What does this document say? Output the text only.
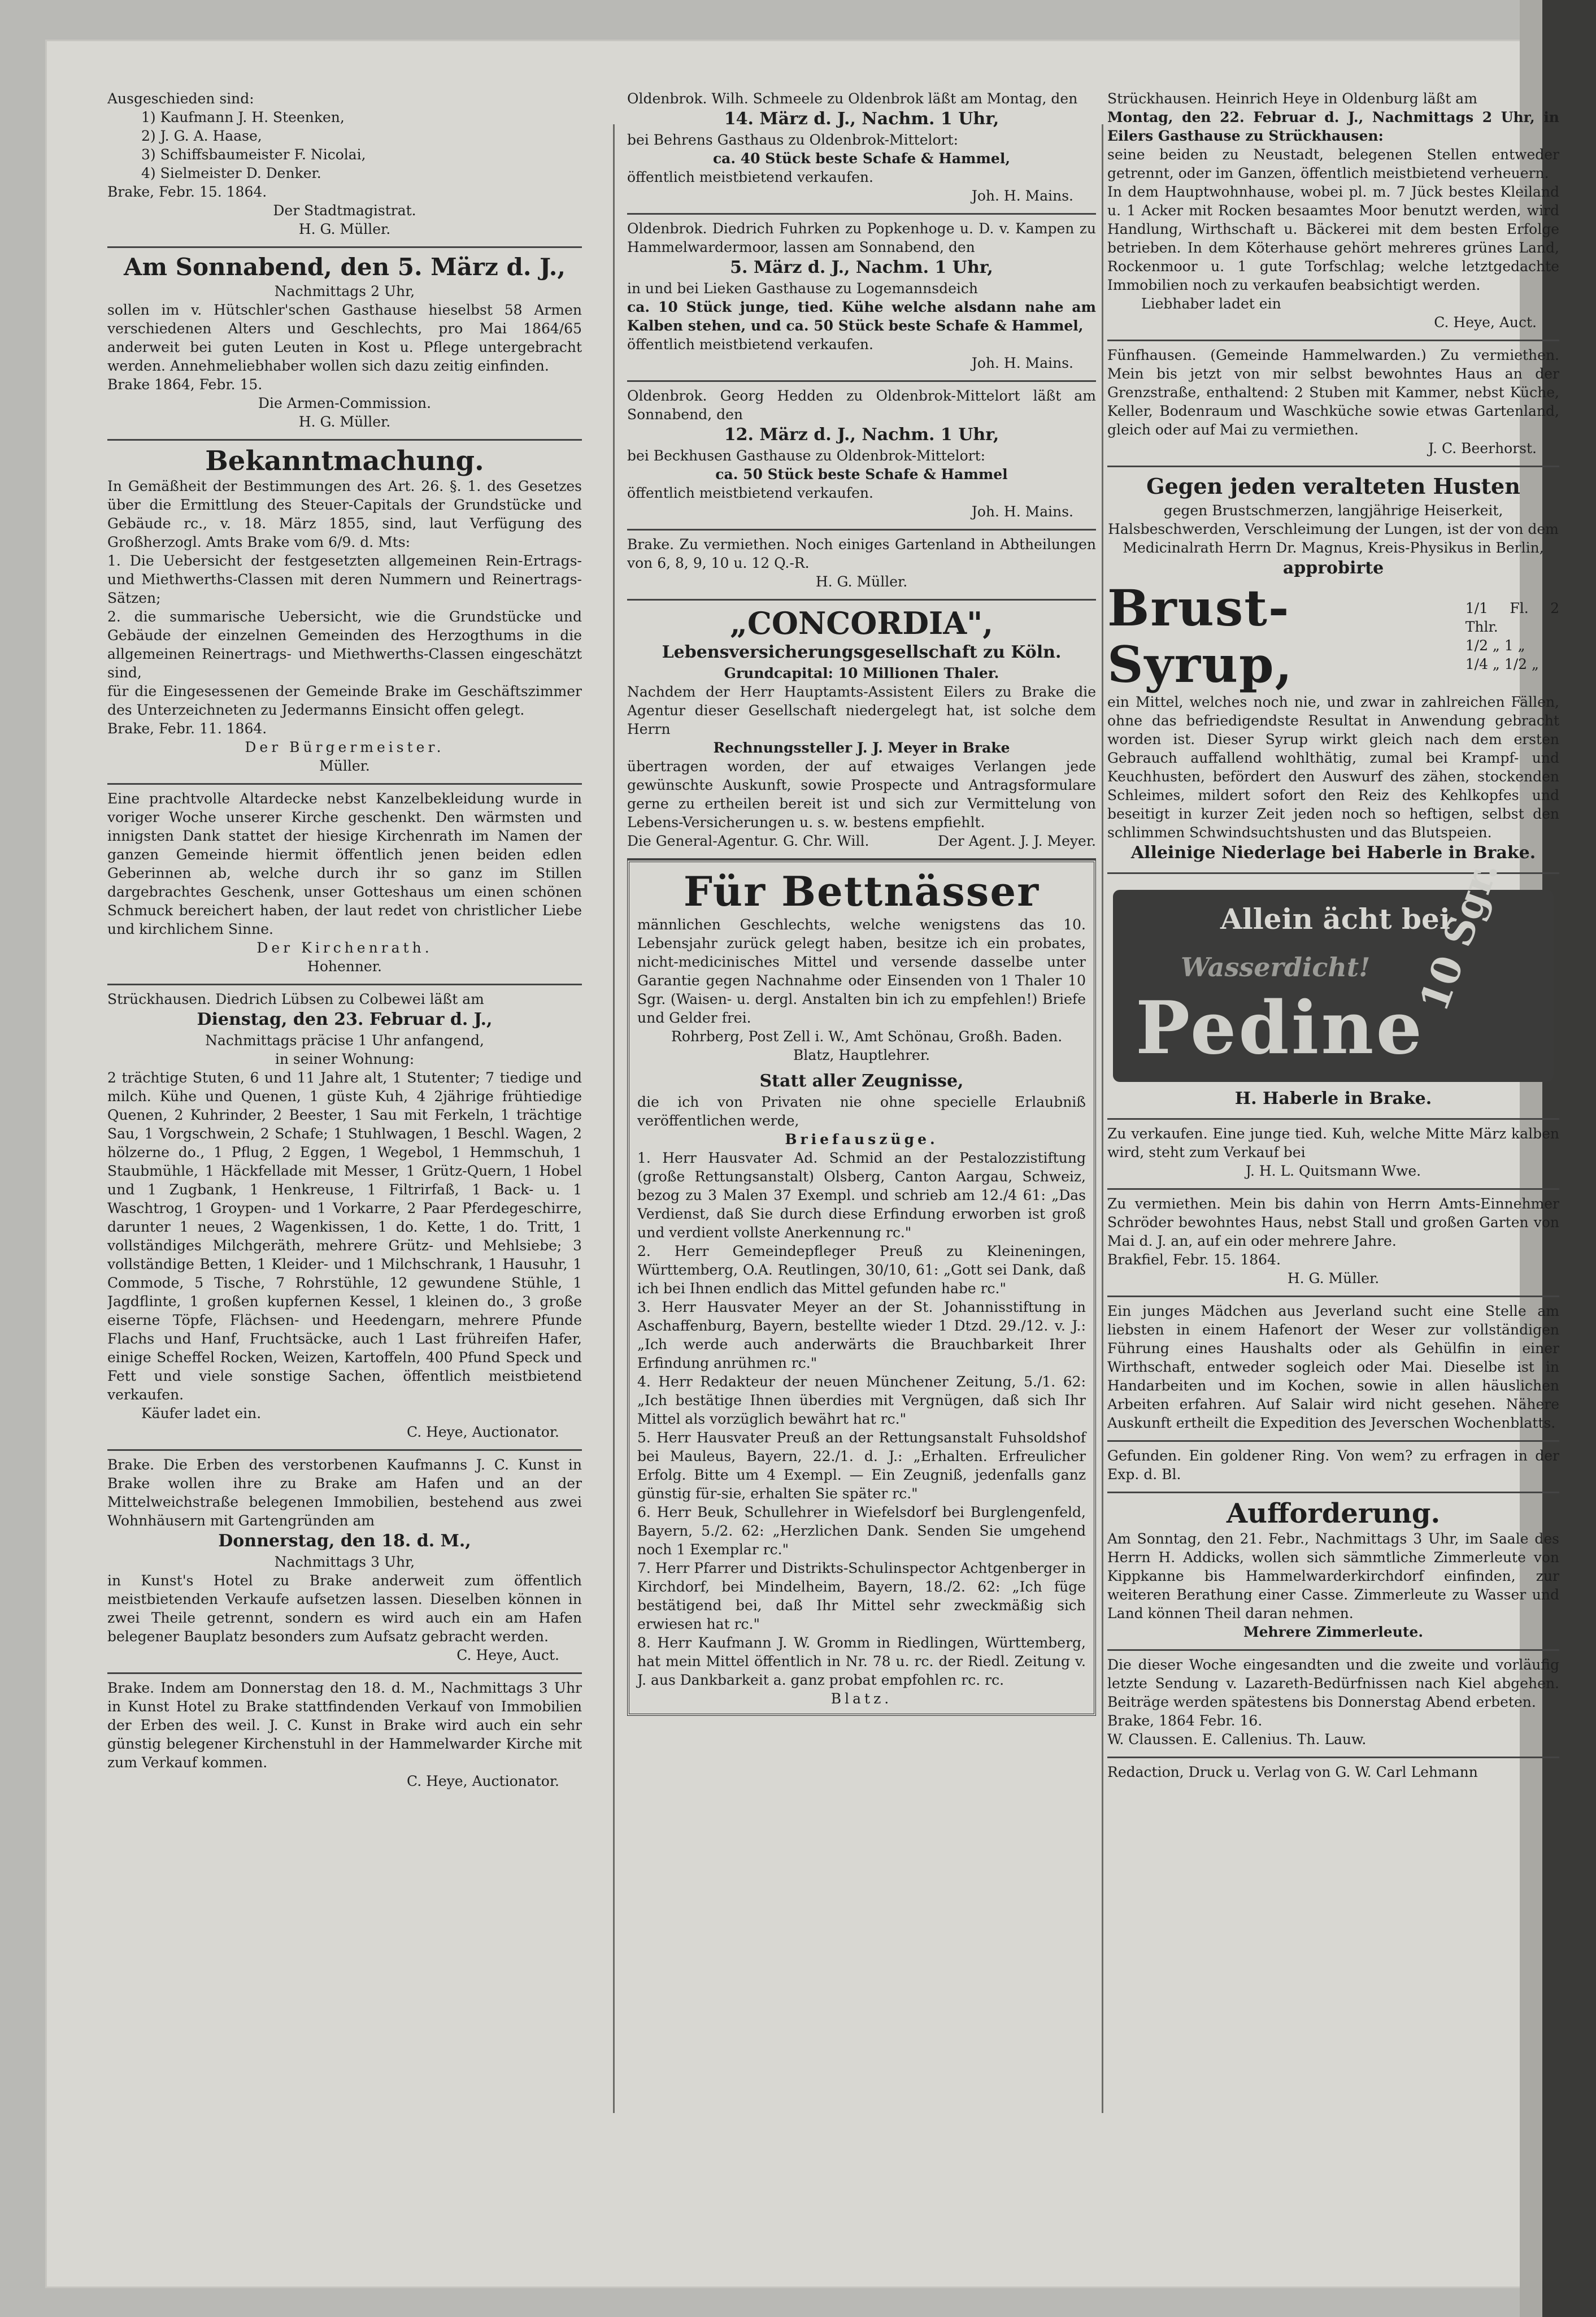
Ausgeschieden sind:

1) Kaufmann J. H. Steenken,

2) J. G. A. Haase,

3) Schiffsbaumeister F. Nicolai,

4) Sielmeister D. Denker.

Brake, Febr. 15. 1864.

Der Stadtmagistrat.

H. G. Müller.

Am Sonnabend, den 5. März d. J.,

Nachmittags 2 Uhr,

sollen im v. Hütschler'schen Gasthause hieselbst 58 Armen verschiedenen Alters und Geschlechts, pro Mai 1864/65 anderweit bei guten Leuten in Kost u. Pflege untergebracht werden. Annehmeliebhaber wollen sich dazu zeitig einfinden.

Brake 1864, Febr. 15.

Die Armen-Commission.

H. G. Müller.

Bekanntmachung.

In Gemäßheit der Bestimmungen des Art. 26. §. 1. des Gesetzes über die Ermittlung des Steuer-Capitals der Grundstücke und Gebäude rc., v. 18. März 1855, sind, laut Verfügung des Großherzogl. Amts Brake vom 6/9. d. Mts:

1. Die Uebersicht der festgesetzten allgemeinen Rein-Ertrags- und Miethwerths-Classen mit deren Nummern und Reinertrags-Sätzen;

2. die summarische Uebersicht, wie die Grundstücke und Gebäude der einzelnen Gemeinden des Herzogthums in die allgemeinen Reinertrags- und Miethwerths-Classen eingeschätzt sind,

für die Eingesessenen der Gemeinde Brake im Geschäftszimmer des Unterzeichneten zu Jedermanns Einsicht offen gelegt.

Brake, Febr. 11. 1864.

Der Bürgermeister.

Müller.

Eine prachtvolle Altardecke nebst Kanzelbekleidung wurde in voriger Woche unserer Kirche geschenkt. Den wärmsten und innigsten Dank stattet der hiesige Kirchenrath im Namen der ganzen Gemeinde hiermit öffentlich jenen beiden edlen Geberinnen ab, welche durch ihr so ganz im Stillen dargebrachtes Geschenk, unser Gotteshaus um einen schönen Schmuck bereichert haben, der laut redet von christlicher Liebe und kirchlichem Sinne.

Der Kirchenrath.

Hohenner.

Strückhausen. Diedrich Lübsen zu Colbewei läßt am

Dienstag, den 23. Februar d. J.,

Nachmittags präcise 1 Uhr anfangend,

in seiner Wohnung:

2 trächtige Stuten, 6 und 11 Jahre alt, 1 Stutenter; 7 tiedige und milch. Kühe und Quenen, 1 güste Kuh, 4 2jährige frühtiedige Quenen, 2 Kuhrinder, 2 Beester, 1 Sau mit Ferkeln, 1 trächtige Sau, 1 Vorgschwein, 2 Schafe; 1 Stuhlwagen, 1 Beschl. Wagen, 2 hölzerne do., 1 Pflug, 2 Eggen, 1 Wegebol, 1 Hemmschuh, 1 Staubmühle, 1 Häckfellade mit Messer, 1 Grütz-Quern, 1 Hobel und 1 Zugbank, 1 Henkreuse, 1 Filtrirfaß, 1 Back- u. 1 Waschtrog, 1 Groypen- und 1 Vorkarre, 2 Paar Pferdegeschirre, darunter 1 neues, 2 Wagenkissen, 1 do. Kette, 1 do. Tritt, 1 vollständiges Milchgeräth, mehrere Grütz- und Mehlsiebe; 3 vollständige Betten, 1 Kleider- und 1 Milchschrank, 1 Hausuhr, 1 Commode, 5 Tische, 7 Rohrstühle, 12 gewundene Stühle, 1 Jagdflinte, 1 großen kupfernen Kessel, 1 kleinen do., 3 große eiserne Töpfe, Flächsen- und Heedengarn, mehrere Pfunde Flachs und Hanf, Fruchtsäcke, auch 1 Last frühreifen Hafer, einige Scheffel Rocken, Weizen, Kartoffeln, 400 Pfund Speck und Fett und viele sonstige Sachen, öffentlich meistbietend verkaufen.

Käufer ladet ein.

C. Heye, Auctionator.

Brake. Die Erben des verstorbenen Kaufmanns J. C. Kunst in Brake wollen ihre zu Brake am Hafen und an der Mittelweichstraße belegenen Immobilien, bestehend aus zwei Wohnhäusern mit Gartengründen am

Donnerstag, den 18. d. M.,

Nachmittags 3 Uhr,

in Kunst's Hotel zu Brake anderweit zum öffentlich meistbietenden Verkaufe aufsetzen lassen. Dieselben können in zwei Theile getrennt, sondern es wird auch ein am Hafen belegener Bauplatz besonders zum Aufsatz gebracht werden.

C. Heye, Auct.

Brake. Indem am Donnerstag den 18. d. M., Nachmittags 3 Uhr in Kunst Hotel zu Brake stattfindenden Verkauf von Immobilien der Erben des weil. J. C. Kunst in Brake wird auch ein sehr günstig belegener Kirchenstuhl in der Hammelwarder Kirche mit zum Verkauf kommen.

C. Heye, Auctionator.

Oldenbrok. Wilh. Schmeele zu Oldenbrok läßt am Montag, den

14. März d. J., Nachm. 1 Uhr,

bei Behrens Gasthaus zu Oldenbrok-Mittelort:

ca. 40 Stück beste Schafe & Hammel,

öffentlich meistbietend verkaufen.

Joh. H. Mains.

Oldenbrok. Diedrich Fuhrken zu Popkenhoge u. D. v. Kampen zu Hammelwardermoor, lassen am Sonnabend, den

5. März d. J., Nachm. 1 Uhr,

in und bei Lieken Gasthause zu Logemannsdeich

ca. 10 Stück junge, tied. Kühe welche alsdann nahe am Kalben stehen, und ca. 50 Stück beste Schafe & Hammel,

öffentlich meistbietend verkaufen.

Joh. H. Mains.

Oldenbrok. Georg Hedden zu Oldenbrok-Mittelort läßt am Sonnabend, den

12. März d. J., Nachm. 1 Uhr,

bei Beckhusen Gasthause zu Oldenbrok-Mittelort:

ca. 50 Stück beste Schafe & Hammel

öffentlich meistbietend verkaufen.

Joh. H. Mains.

Brake. Zu vermiethen. Noch einiges Gartenland in Abtheilungen von 6, 8, 9, 10 u. 12 Q.-R.

H. G. Müller.

„CONCORDIA",

Lebensversicherungsgesellschaft zu Köln.

Grundcapital: 10 Millionen Thaler.

Nachdem der Herr Hauptamts-Assistent Eilers zu Brake die Agentur dieser Gesellschaft niedergelegt hat, ist solche dem Herrn

Rechnungssteller J. J. Meyer in Brake

übertragen worden, der auf etwaiges Verlangen jede gewünschte Auskunft, sowie Prospecte und Antragsformulare gerne zu ertheilen bereit ist und sich zur Vermittelung von Lebens-Versicherungen u. s. w. bestens empfiehlt.

Die General-Agentur. G. Chr. Will.	Der Agent. J. J. Meyer.

Für Bettnässer

männlichen Geschlechts, welche wenigstens das 10. Lebensjahr zurück gelegt haben, besitze ich ein probates, nicht-medicinisches Mittel und versende dasselbe unter Garantie gegen Nachnahme oder Einsenden von 1 Thaler 10 Sgr. (Waisen- u. dergl. Anstalten bin ich zu empfehlen!) Briefe und Gelder frei.

Rohrberg, Post Zell i. W., Amt Schönau, Großh. Baden.

Blatz, Hauptlehrer.

Statt aller Zeugnisse,

die ich von Privaten nie ohne specielle Erlaubniß veröffentlichen werde,

Briefauszüge.

1. Herr Hausvater Ad. Schmid an der Pestalozzistiftung (große Rettungsanstalt) Olsberg, Canton Aargau, Schweiz, bezog zu 3 Malen 37 Exempl. und schrieb am 12./4 61: „Das Verdienst, daß Sie durch diese Erfindung erworben ist groß und verdient vollste Anerkennung rc."

2. Herr Gemeindepfleger Preuß zu Kleineningen, Württemberg, O.A. Reutlingen, 30/10, 61: „Gott sei Dank, daß ich bei Ihnen endlich das Mittel gefunden habe rc."

3. Herr Hausvater Meyer an der St. Johannisstiftung in Aschaffenburg, Bayern, bestellte wieder 1 Dtzd. 29./12. v. J.: „Ich werde auch anderwärts die Brauchbarkeit Ihrer Erfindung anrühmen rc."

4. Herr Redakteur der neuen Münchener Zeitung, 5./1. 62: „Ich bestätige Ihnen überdies mit Vergnügen, daß sich Ihr Mittel als vorzüglich bewährt hat rc."

5. Herr Hausvater Preuß an der Rettungsanstalt Fuhsoldshof bei Mauleus, Bayern, 22./1. d. J.: „Erhalten. Erfreulicher Erfolg. Bitte um 4 Exempl. — Ein Zeugniß, jedenfalls ganz günstig für-sie, erhalten Sie später rc."

6. Herr Beuk, Schullehrer in Wiefelsdorf bei Burglengenfeld, Bayern, 5./2. 62: „Herzlichen Dank. Senden Sie umgehend noch 1 Exemplar rc."

7. Herr Pfarrer und Distrikts-Schulinspector Achtgenberger in Kirchdorf, bei Mindelheim, Bayern, 18./2. 62: „Ich füge bestätigend bei, daß Ihr Mittel sehr zweckmäßig sich erwiesen hat rc."

8. Herr Kaufmann J. W. Gromm in Riedlingen, Württemberg, hat mein Mittel öffentlich in Nr. 78 u. rc. der Riedl. Zeitung v. J. aus Dankbarkeit a. ganz probat empfohlen rc. rc.

Blatz.

Strückhausen. Heinrich Heye in Oldenburg läßt am

Montag, den 22. Februar d. J., Nachmittags 2 Uhr, in Eilers Gasthause zu Strückhausen:

seine beiden zu Neustadt, belegenen Stellen entweder getrennt, oder im Ganzen, öffentlich meistbietend verheuern.

In dem Hauptwohnhause, wobei pl. m. 7 Jück bestes Kleiland u. 1 Acker mit Rocken besaamtes Moor benutzt werden, wird Handlung, Wirthschaft u. Bäckerei mit dem besten Erfolge betrieben. In dem Köterhause gehört mehreres grünes Land, Rockenmoor u. 1 gute Torfschlag; welche letztgedachte Immobilien noch zu verkaufen beabsichtigt werden.

Liebhaber ladet ein

C. Heye, Auct.

Fünfhausen. (Gemeinde Hammelwarden.) Zu vermiethen. Mein bis jetzt von mir selbst bewohntes Haus an der Grenzstraße, enthaltend: 2 Stuben mit Kammer, nebst Küche, Keller, Bodenraum und Waschküche sowie etwas Gartenland, gleich oder auf Mai zu vermiethen.

J. C. Beerhorst.

Gegen jeden veralteten Husten

gegen Brustschmerzen, langjährige Heiserkeit, Halsbeschwerden, Verschleimung der Lungen, ist der von dem Medicinalrath Herrn Dr. Magnus, Kreis-Physikus in Berlin,

approbirte

Brust-Syrup,

1/1 Fl. 2 Thlr.

1/2 „ 1 „

1/4 „ 1/2 „

ein Mittel, welches noch nie, und zwar in zahlreichen Fällen, ohne das befriedigendste Resultat in Anwendung gebracht worden ist. Dieser Syrup wirkt gleich nach dem ersten Gebrauch auffallend wohlthätig, zumal bei Krampf- und Keuchhusten, befördert den Auswurf des zähen, stockenden Schleimes, mildert sofort den Reiz des Kehlkopfes und beseitigt in kurzer Zeit jeden noch so heftigen, selbst den schlimmen Schwindsuchtshusten und das Blutspeien.

Alleinige Niederlage bei Haberle in Brake.

Allein ächt bei
Wasserdicht!
Pedine
10 Sgr.

H. Haberle in Brake.

Zu verkaufen. Eine junge tied. Kuh, welche Mitte März kalben wird, steht zum Verkauf bei

J. H. L. Quitsmann Wwe.

Zu vermiethen. Mein bis dahin von Herrn Amts-Einnehmer Schröder bewohntes Haus, nebst Stall und großen Garten von Mai d. J. an, auf ein oder mehrere Jahre.

Brakfiel, Febr. 15. 1864.

H. G. Müller.

Ein junges Mädchen aus Jeverland sucht eine Stelle am liebsten in einem Hafenort der Weser zur vollständigen Führung eines Haushalts oder als Gehülfin in einer Wirthschaft, entweder sogleich oder Mai. Dieselbe ist in Handarbeiten und im Kochen, sowie in allen häuslichen Arbeiten erfahren. Auf Salair wird nicht gesehen. Nähere Auskunft ertheilt die Expedition des Jeverschen Wochenblatts.

Gefunden. Ein goldener Ring. Von wem? zu erfragen in der Exp. d. Bl.

Aufforderung.

Am Sonntag, den 21. Febr., Nachmittags 3 Uhr, im Saale des Herrn H. Addicks, wollen sich sämmtliche Zimmerleute von Kippkanne bis Hammelwarderkirchdorf einfinden, zur weiteren Berathung einer Casse. Zimmerleute zu Wasser und Land können Theil daran nehmen.

Mehrere Zimmerleute.

Die dieser Woche eingesandten und die zweite und vorläufig letzte Sendung v. Lazareth-Bedürfnissen nach Kiel abgehen. Beiträge werden spätestens bis Donnerstag Abend erbeten.

Brake, 1864 Febr. 16.

W. Claussen. E. Callenius. Th. Lauw.

Redaction, Druck u. Verlag von G. W. Carl Lehmann
